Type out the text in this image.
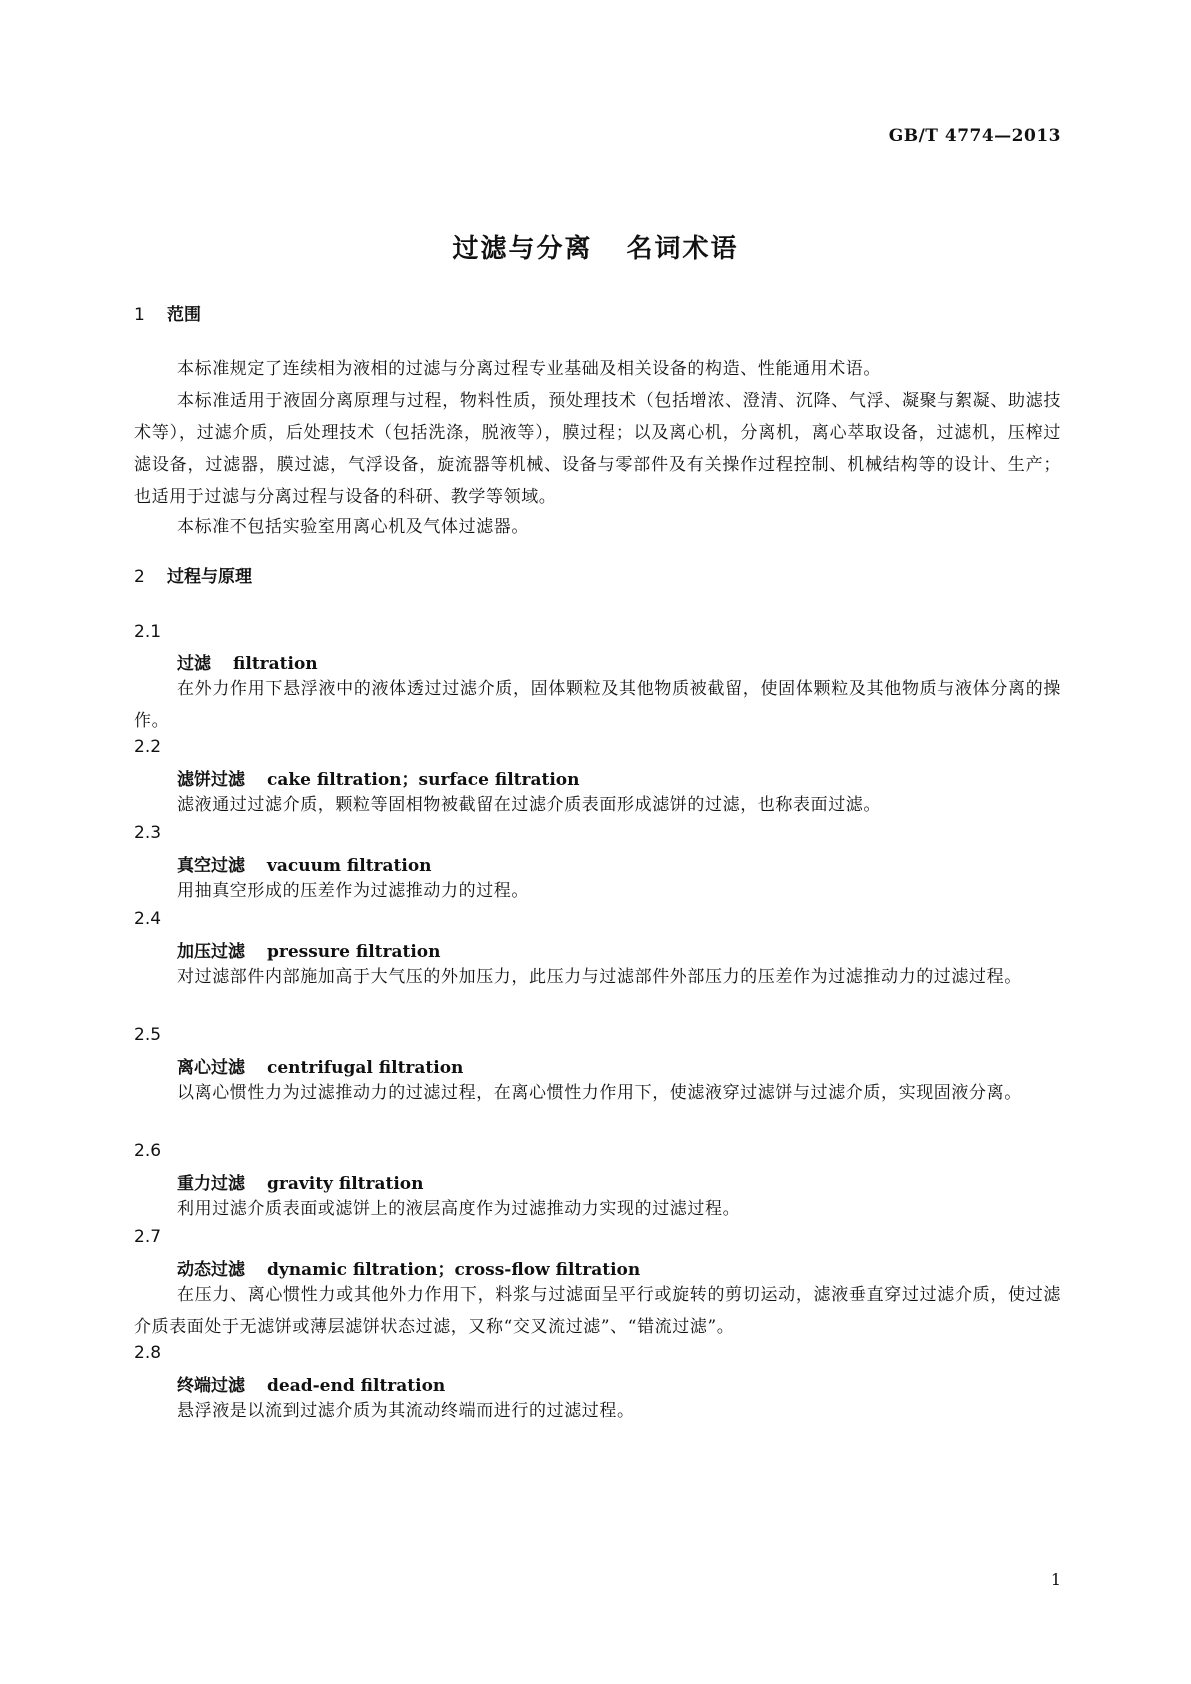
GB/T 4774—2013
过滤与分离 名词术语
1 范围

本标准规定了连续相为液相的过滤与分离过程专业基础及相关设备的构造、性能通用术语。

本标准适用于液固分离原理与过程，物料性质，预处理技术（包括增浓、澄清、沉降、气浮、凝聚与絮凝、助滤技术等），过滤介质，后处理技术（包括洗涤，脱液等），膜过程；以及离心机，分离机，离心萃取设备，过滤机，压榨过滤设备，过滤器，膜过滤，气浮设备，旋流器等机械、设备与零部件及有关操作过程控制、机械结构等的设计、生产；也适用于过滤与分离过程与设备的科研、教学等领域。

本标准不包括实验室用离心机及气体过滤器。

2 过程与原理
2.1
过滤 filtration

在外力作用下悬浮液中的液体透过过滤介质，固体颗粒及其他物质被截留，使固体颗粒及其他物质与液体分离的操作。

2.2
滤饼过滤 cake filtration；surface filtration

滤液通过过滤介质，颗粒等固相物被截留在过滤介质表面形成滤饼的过滤，也称表面过滤。

2.3
真空过滤 vacuum filtration

用抽真空形成的压差作为过滤推动力的过程。

2.4
加压过滤 pressure filtration

对过滤部件内部施加高于大气压的外加压力，此压力与过滤部件外部压力的压差作为过滤推动力的过滤过程。

2.5
离心过滤 centrifugal filtration

以离心惯性力为过滤推动力的过滤过程，在离心惯性力作用下，使滤液穿过滤饼与过滤介质，实现固液分离。

2.6
重力过滤 gravity filtration

利用过滤介质表面或滤饼上的液层高度作为过滤推动力实现的过滤过程。

2.7
动态过滤 dynamic filtration；cross-flow filtration

在压力、离心惯性力或其他外力作用下，料浆与过滤面呈平行或旋转的剪切运动，滤液垂直穿过过滤介质，使过滤介质表面处于无滤饼或薄层滤饼状态过滤，又称“交叉流过滤”、“错流过滤”。

2.8
终端过滤 dead-end filtration

悬浮液是以流到过滤介质为其流动终端而进行的过滤过程。

1
